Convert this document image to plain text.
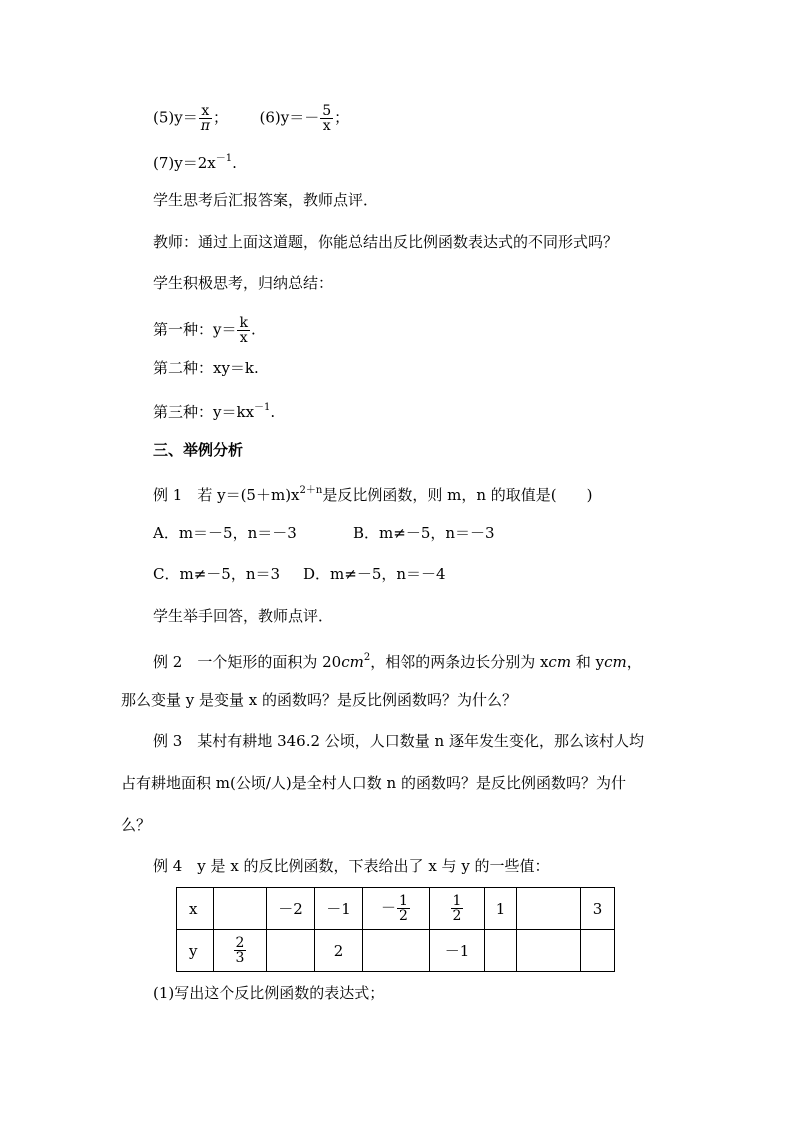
$(5)y= \frac{x}{\pi}$ ； $(6)y=- \frac{5}{x}$ ；
$(7)y=2x^{-1}$.
学生思考后汇报答案，教师点评．
教师：通过上面这道题，你能总结出反比例函数表达式的不同形式吗？
学生积极思考，归纳总结：
第一种：$y= \frac{k}{x}$ .
第二种：xy＝k.
第三种：$y=kx^{-1}$.
三、举例分析
例 1　 若 $y=(5+m)x^{2+n}$是反比例函数，则 m，n 的取值是(　　)
A．m＝－5，n＝－3	B．m≠－5，n＝－3
C．m≠－5，n＝3 D．m≠－5，n＝－4
学生举手回答，教师点评．
例 2　 一个矩形的面积为 $20cm^2$，相邻的两条边长分别为 xcm 和 ycm，
那么变量 y 是变量 x 的函数吗？是反比例函数吗？为什么？
例 3　某村有耕地 346.2 公顷，人口数量 n 逐年发生变化，那么该村人均
占有耕地面积 m(公顷/人)是全村人口数 n 的函数吗？是反比例函数吗？为什
么？
例 4　y 是 x 的反比例函数，下表给出了 x 与 y 的一些值：
x		－2	－1	－ $\frac{1}{2}$	$\frac{1}{2}$	1		3
y	$\frac{2}{3}$		2		－1			
(1)写出这个反比例函数的表达式；
